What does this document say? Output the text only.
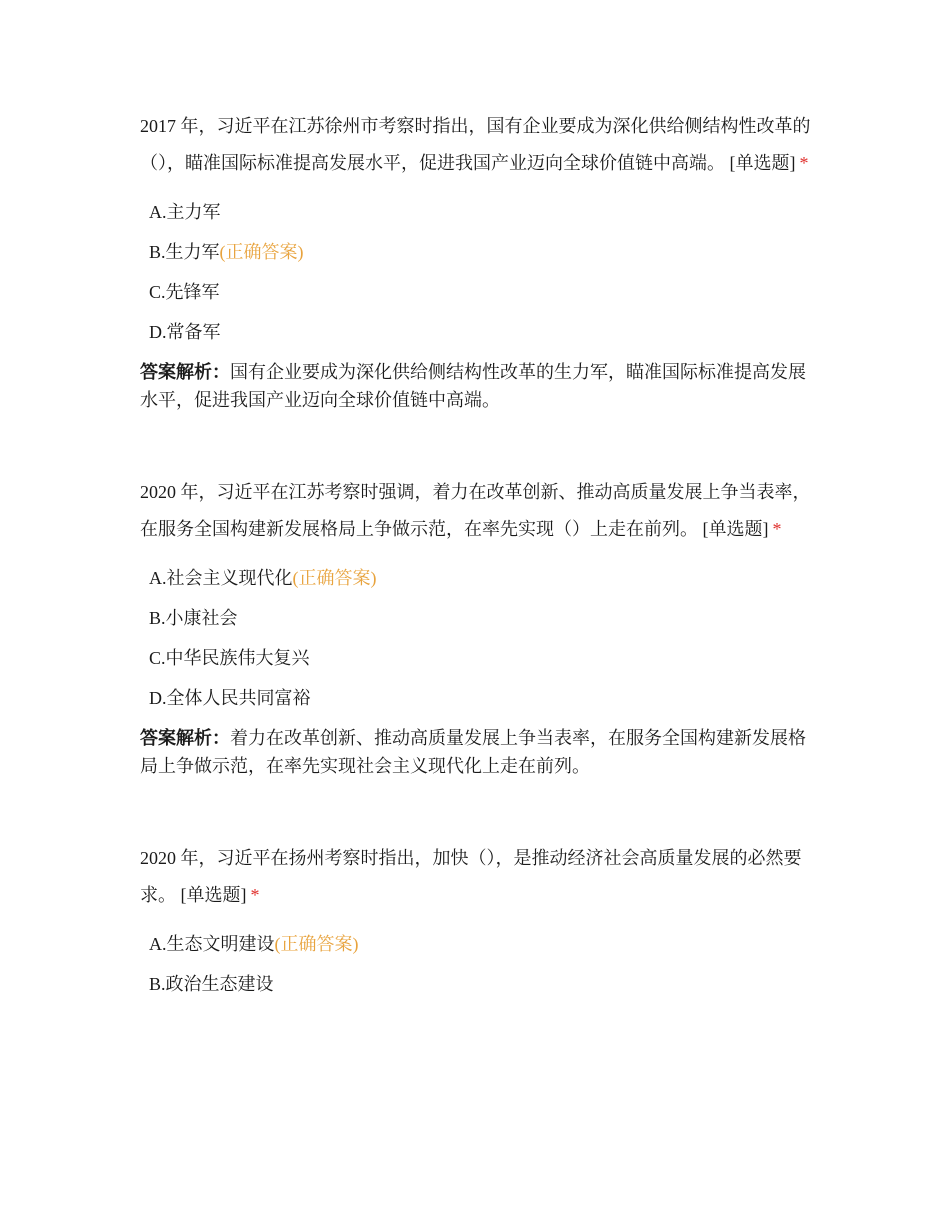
2017 年，习近平在江苏徐州市考察时指出，国有企业要成为深化供给侧结构性改革的（），瞄准国际标准提高发展水平，促进我国产业迈向全球价值链中高端。 [单选题] *

A.主力军
B.生力军(正确答案)
C.先锋军
D.常备军
答案解析：国有企业要成为深化供给侧结构性改革的生力军，瞄准国际标准提高发展水平，促进我国产业迈向全球价值链中高端。

2020 年，习近平在江苏考察时强调，着力在改革创新、推动高质量发展上争当表率，在服务全国构建新发展格局上争做示范，在率先实现（）上走在前列。 [单选题] *

A.社会主义现代化(正确答案)
B.小康社会
C.中华民族伟大复兴
D.全体人民共同富裕
答案解析：着力在改革创新、推动高质量发展上争当表率，在服务全国构建新发展格局上争做示范，在率先实现社会主义现代化上走在前列。

2020 年，习近平在扬州考察时指出，加快（），是推动经济社会高质量发展的必然要求。 [单选题] *

A.生态文明建设(正确答案)
B.政治生态建设
